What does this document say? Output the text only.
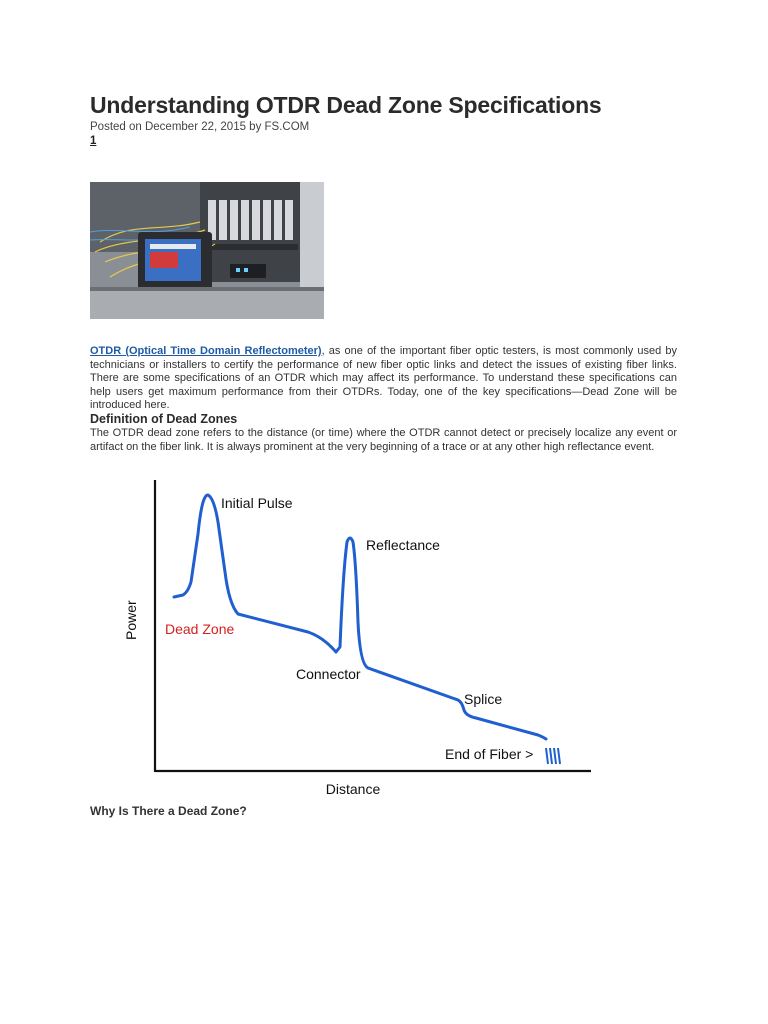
Understanding OTDR Dead Zone Specifications
Posted on December 22, 2015 by FS.COM
1
OTDR (Optical Time Domain Reflectometer), as one of the important fiber optic testers, is most commonly used by technicians or installers to certify the performance of new fiber optic links and detect the issues of existing fiber links. There are some specifications of an OTDR which may affect its performance. To understand these specifications can help users get maximum performance from their OTDRs. Today, one of the key specifications—Dead Zone will be introduced here.
Definition of Dead Zones
The OTDR dead zone refers to the distance (or time) where the OTDR cannot detect or precisely localize any event or artifact on the fiber link. It is always prominent at the very beginning of a trace or at any other high reflectance event.
Power
Distance
Initial Pulse
Reflectance
Dead Zone
Connector
Splice
End of Fiber >
Why Is There a Dead Zone?
